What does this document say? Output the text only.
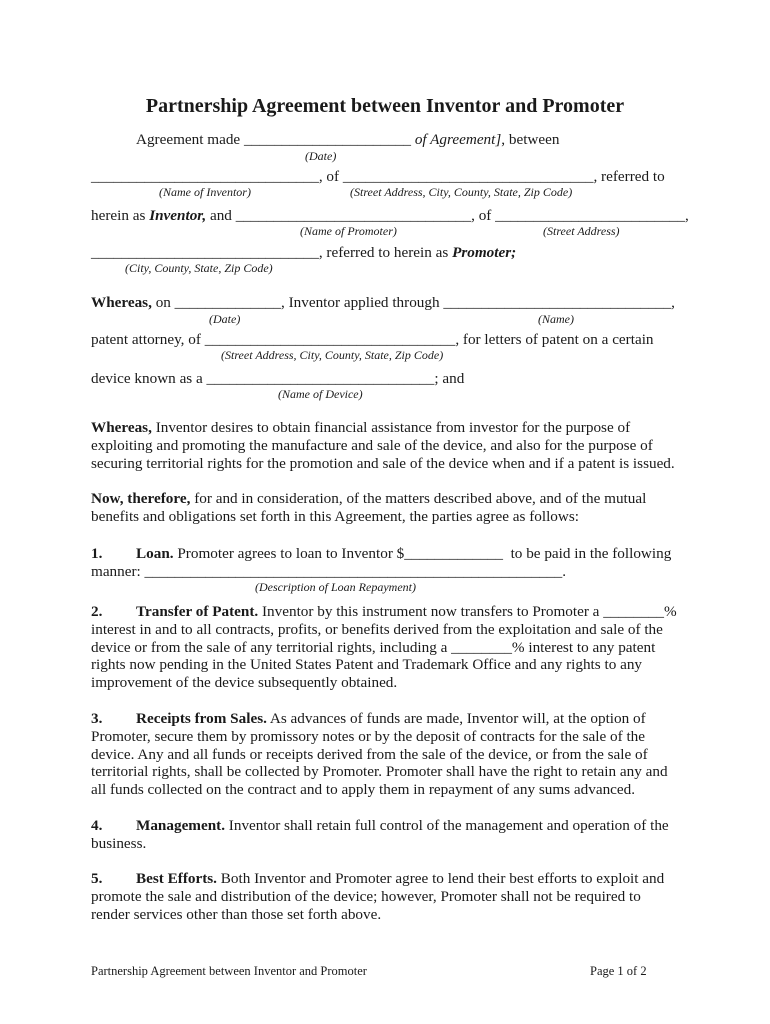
Partnership Agreement between Inventor and Promoter
Agreement made ______________________ of Agreement], between
(Date)
______________________________, of _________________________________, referred to
(Name of Inventor)	(Street Address, City, County, State, Zip Code)
herein as Inventor, and _______________________________, of _________________________,
(Name of Promoter)	(Street Address)
______________________________, referred to herein as Promoter;
(City, County, State, Zip Code)
Whereas, on ______________, Inventor applied through ______________________________,
(Date)	(Name)
patent attorney, of _________________________________, for letters of patent on a certain
(Street Address, City, County, State, Zip Code)
device known as a ______________________________; and
(Name of Device)
Whereas, Inventor desires to obtain financial assistance from investor for the purpose of exploiting and promoting the manufacture and sale of the device, and also for the purpose of securing territorial rights for the promotion and sale of the device when and if a patent is issued.
Now, therefore, for and in consideration, of the matters described above, and of the mutual benefits and obligations set forth in this Agreement, the parties agree as follows:
1. Loan. Promoter agrees to loan to Inventor $_____________  to be paid in the following
manner: _______________________________________________________.
(Description of Loan Repayment)
2. Transfer of Patent. Inventor by this instrument now transfers to Promoter a ________% interest in and to all contracts, profits, or benefits derived from the exploitation and sale of the device or from the sale of any territorial rights, including a ________% interest to any patent rights now pending in the United States Patent and Trademark Office and any rights to any improvement of the device subsequently obtained.
3. Receipts from Sales. As advances of funds are made, Inventor will, at the option of Promoter, secure them by promissory notes or by the deposit of contracts for the sale of the device. Any and all funds or receipts derived from the sale of the device, or from the sale of territorial rights, shall be collected by Promoter. Promoter shall have the right to retain any and all funds collected on the contract and to apply them in repayment of any sums advanced.
4. Management. Inventor shall retain full control of the management and operation of the business.
5. Best Efforts. Both Inventor and Promoter agree to lend their best efforts to exploit and promote the sale and distribution of the device; however, Promoter shall not be required to render services other than those set forth above.
Partnership Agreement between Inventor and Promoter	Page 1 of 2
